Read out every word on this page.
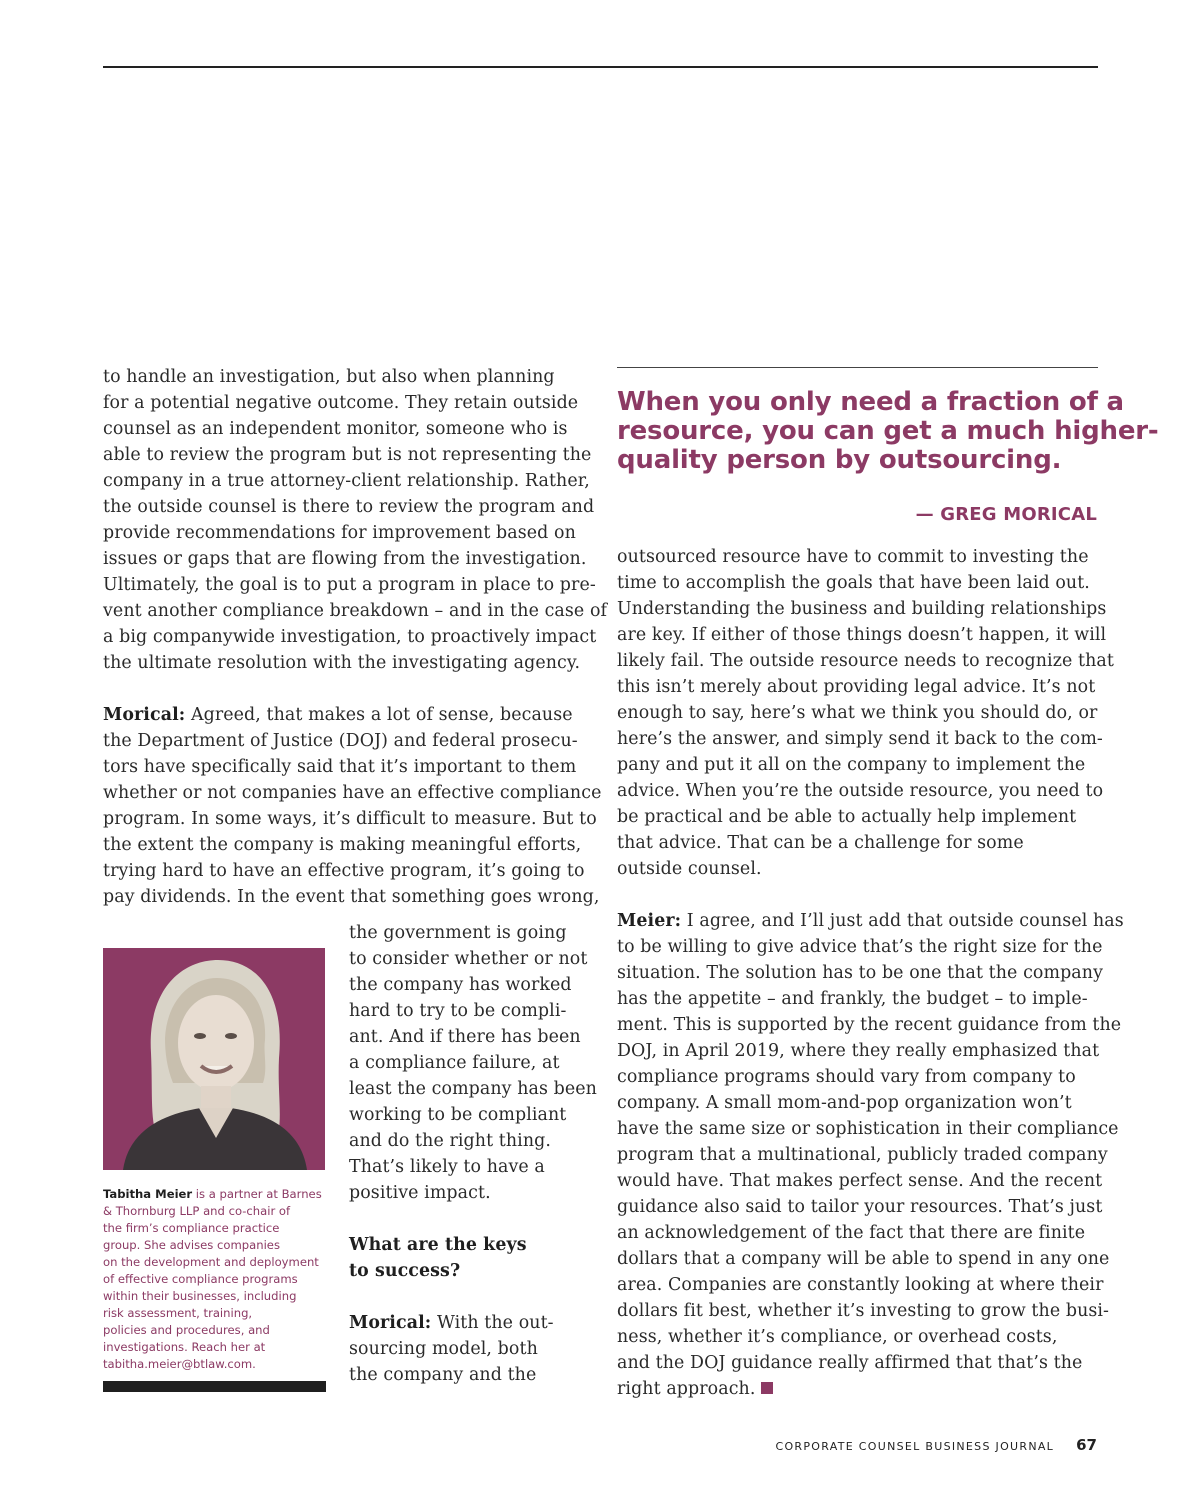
to handle an investigation, but also when planning

for a potential negative outcome. They retain outside

counsel as an independent monitor, someone who is

able to review the program but is not representing the

company in a true attorney-client relationship. Rather,

the outside counsel is there to review the program and

provide recommendations for improvement based on

issues or gaps that are flowing from the investigation.

Ultimately, the goal is to put a program in place to pre-

vent another compliance breakdown – and in the case of

a big companywide investigation, to proactively impact

the ultimate resolution with the investigating agency.

Morical: Agreed, that makes a lot of sense, because

the Department of Justice (DOJ) and federal prosecu-

tors have specifically said that it’s important to them

whether or not companies have an effective compliance

program. In some ways, it’s difficult to measure. But to

the extent the company is making meaningful efforts,

trying hard to have an effective program, it’s going to

pay dividends. In the event that something goes wrong,

Tabitha Meier is a partner at Barnes

& Thornburg LLP and co-chair of

the firm’s compliance practice

group. She advises companies

on the development and deployment

of effective compliance programs

within their businesses, including

risk assessment, training,

policies and procedures, and

investigations. Reach her at

tabitha.meier@btlaw.com.

the government is going

to consider whether or not

the company has worked

hard to try to be compli-

ant. And if there has been

a compliance failure, at

least the company has been

working to be compliant

and do the right thing.

That’s likely to have a

positive impact.

What are the keys

to success?

Morical: With the out-

sourcing model, both

the company and the

When you only need a fraction of a

resource, you can get a much higher-

quality person by outsourcing.

— GREG MORICAL

outsourced resource have to commit to investing the

time to accomplish the goals that have been laid out.

Understanding the business and building relationships

are key. If either of those things doesn’t happen, it will

likely fail. The outside resource needs to recognize that

this isn’t merely about providing legal advice. It’s not

enough to say, here’s what we think you should do, or

here’s the answer, and simply send it back to the com-

pany and put it all on the company to implement the

advice. When you’re the outside resource, you need to

be practical and be able to actually help implement

that advice. That can be a challenge for some

outside counsel.

Meier: I agree, and I’ll just add that outside counsel has

to be willing to give advice that’s the right size for the

situation. The solution has to be one that the company

has the appetite – and frankly, the budget – to imple-

ment. This is supported by the recent guidance from the

DOJ, in April 2019, where they really emphasized that

compliance programs should vary from company to

company. A small mom-and-pop organization won’t

have the same size or sophistication in their compliance

program that a multinational, publicly traded company

would have. That makes perfect sense. And the recent

guidance also said to tailor your resources. That’s just

an acknowledgement of the fact that there are finite

dollars that a company will be able to spend in any one

area. Companies are constantly looking at where their

dollars fit best, whether it’s investing to grow the busi-

ness, whether it’s compliance, or overhead costs,

and the DOJ guidance really affirmed that that’s the

right approach.

CORPORATE COUNSEL BUSINESS JOURNAL 67
